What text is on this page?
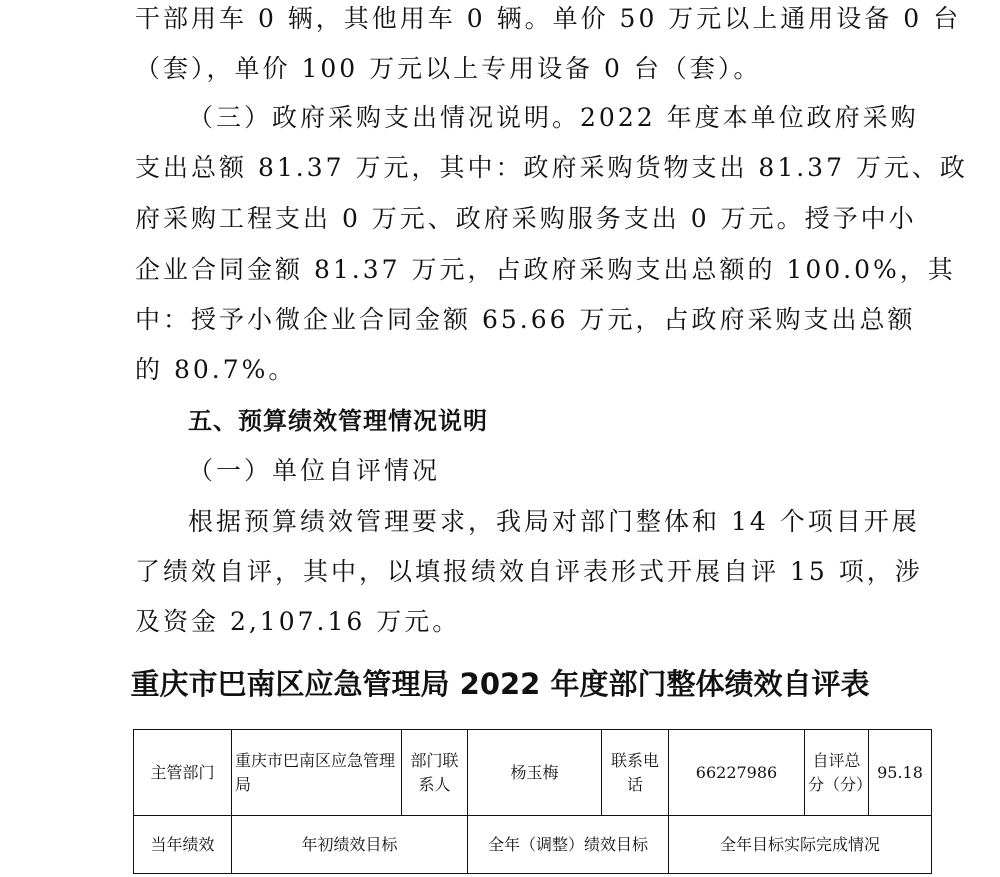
干部用车 0 辆，其他用车 0 辆。单价 50 万元以上通用设备 0 台
（套），单价 100 万元以上专用设备 0 台（套）。
（三）政府采购支出情况说明。2022 年度本单位政府采购
支出总额 81.37 万元，其中：政府采购货物支出 81.37 万元、政
府采购工程支出 0 万元、政府采购服务支出 0 万元。授予中小
企业合同金额 81.37 万元，占政府采购支出总额的 100.0%，其
中：授予小微企业合同金额 65.66 万元，占政府采购支出总额
的 80.7%。
五、预算绩效管理情况说明
（一）单位自评情况
根据预算绩效管理要求，我局对部门整体和 14 个项目开展
了绩效自评，其中，以填报绩效自评表形式开展自评 15 项，涉
及资金 2,107.16 万元。
重庆市巴南区应急管理局 2022 年度部门整体绩效自评表
主管部门	重庆市巴南区应急管理局	部门联系人	杨玉梅	联系电话	66227986	自评总分（分）	95.18
当年绩效	年初绩效目标		全年（调整）绩效目标		全年目标实际完成情况		
